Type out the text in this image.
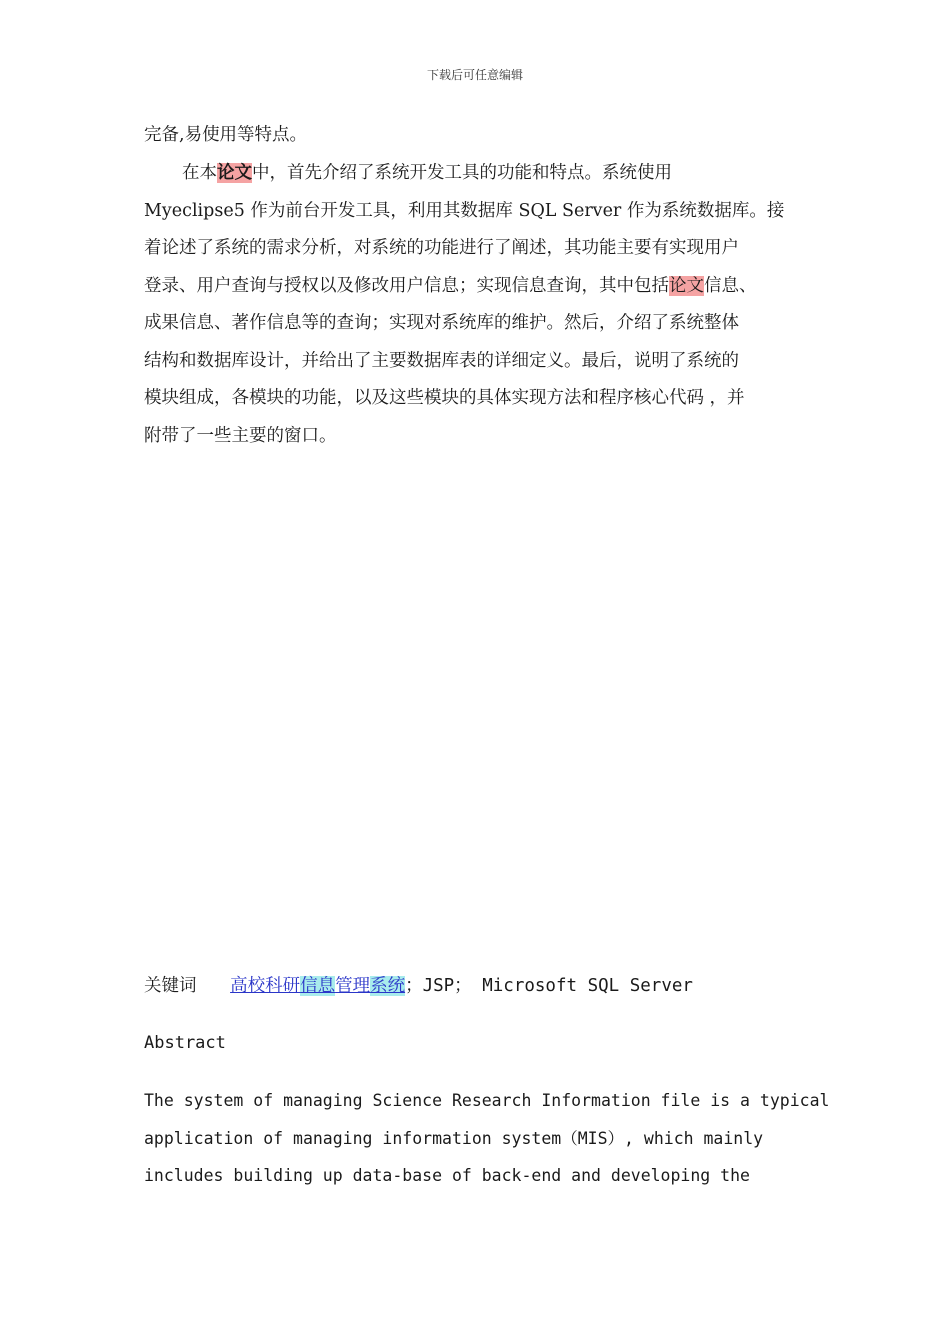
下载后可任意编辑
完备,易使用等特点。
在本论文中，首先介绍了系统开发工具的功能和特点。系统使用
Myeclipse5 作为前台开发工具，利用其数据库 SQL Server 作为系统数据库。接
着论述了系统的需求分析，对系统的功能进行了阐述，其功能主要有实现用户
登录、用户查询与授权以及修改用户信息；实现信息查询，其中包括论文信息、
成果信息、著作信息等的查询；实现对系统库的维护。然后，介绍了系统整体
结构和数据库设计，并给出了主要数据库表的详细定义。最后，说明了系统的
模块组成，各模块的功能，以及这些模块的具体实现方法和程序核心代码 ，并
附带了一些主要的窗口。
关键词 高校科研信息管理系统；JSP； Microsoft SQL Server
Abstract
The system of managing Science Research Information file is a typical
application of managing information system（MIS）, which mainly
includes building up data-base of back-end and developing the
